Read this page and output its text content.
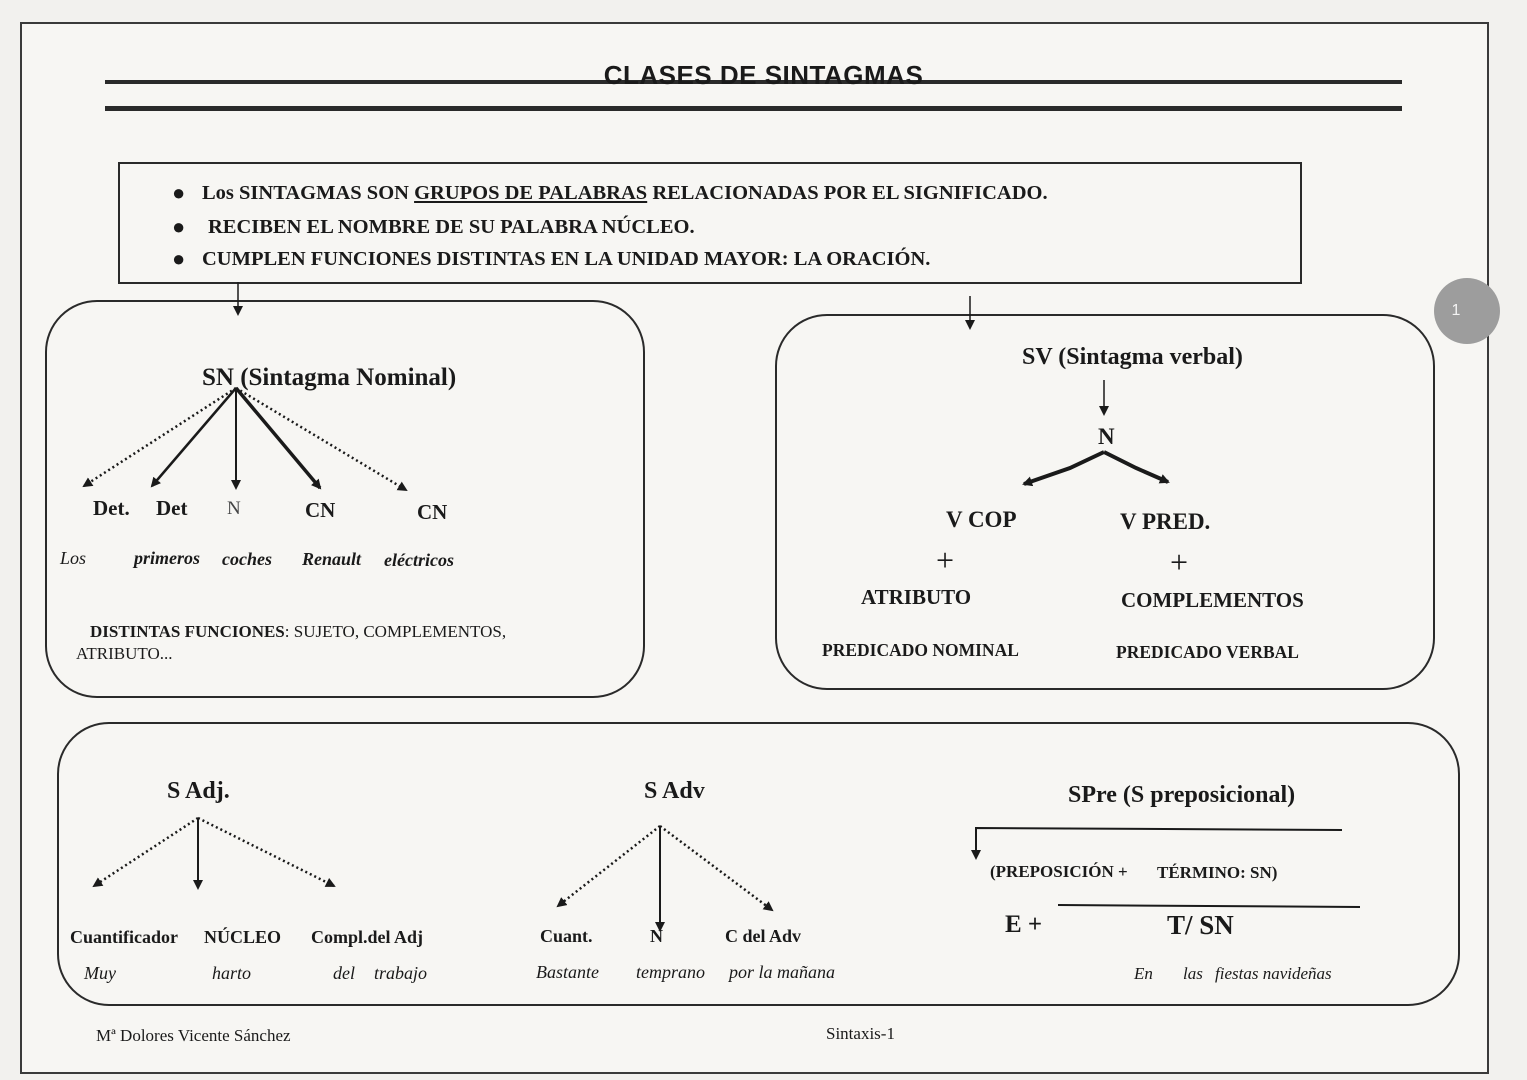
CLASES DE SINTAGMAS
1
● Los SINTAGMAS SON GRUPOS DE PALABRAS RELACIONADAS POR EL SIGNIFICADO.
● RECIBEN EL NOMBRE DE SU PALABRA NÚCLEO.
● CUMPLEN FUNCIONES DISTINTAS EN LA UNIDAD MAYOR: LA ORACIÓN.
SN (Sintagma Nominal)
Det. Det N	CN	CN
Los	primeros coches Renault eléctricos
DISTINTAS FUNCIONES: SUJETO, COMPLEMENTOS,
ATRIBUTO...
SV (Sintagma verbal)
N
V COP
+
ATRIBUTO
PREDICADO NOMINAL
V PRED.
+
COMPLEMENTOS
PREDICADO VERBAL
S Adj.
Cuantificador NÚCLEO Compl.del Adj
Muy	harto	del trabajo
S Adv
Cuant.	N	C del Adv
Bastante temprano por la mañana
SPre (S preposicional)
(PREPOSICIÓN + TÉRMINO: SN)
E +	T/ SN
En las fiestas navideñas
Mª Dolores Vicente Sánchez	Sintaxis-1
